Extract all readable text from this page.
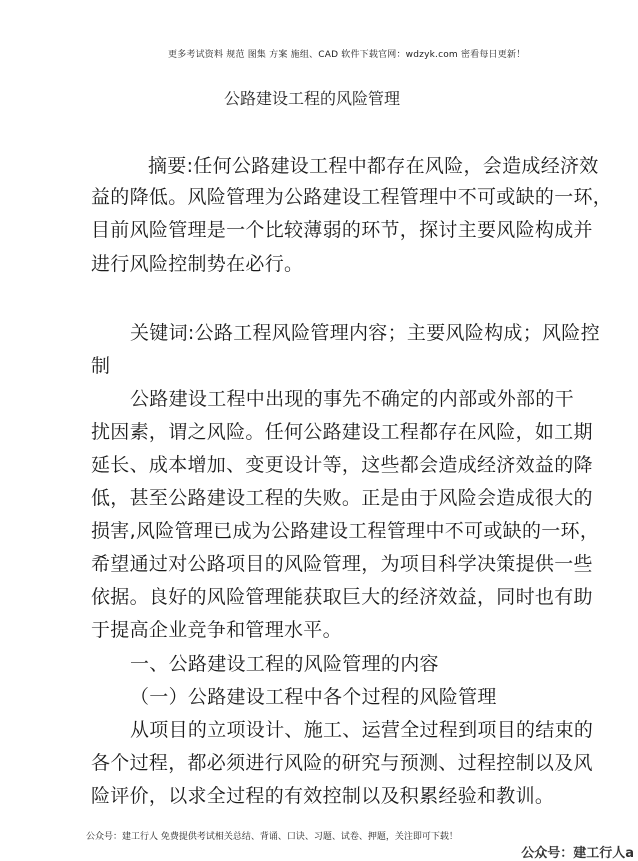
更多考试资料 规范 图集 方案 施组、CAD 软件下载官网：wdzyk.com 密看每日更新！
公路建设工程的风险管理
摘要:任何公路建设工程中都存在风险，会造成经济效
益的降低。风险管理为公路建设工程管理中不可或缺的一环，
目前风险管理是一个比较薄弱的环节，探讨主要风险构成并
进行风险控制势在必行。
关键词:公路工程风险管理内容；主要风险构成；风险控
制
公路建设工程中出现的事先不确定的内部或外部的干
扰因素，谓之风险。任何公路建设工程都存在风险，如工期
延长、成本增加、变更设计等，这些都会造成经济效益的降
低，甚至公路建设工程的失败。正是由于风险会造成很大的
损害,风险管理已成为公路建设工程管理中不可或缺的一环，
希望通过对公路项目的风险管理，为项目科学决策提供一些
依据。良好的风险管理能获取巨大的经济效益，同时也有助
于提高企业竞争和管理水平。
一、公路建设工程的风险管理的内容
（一）公路建设工程中各个过程的风险管理
从项目的立项设计、施工、运营全过程到项目的结束的
各个过程，都必须进行风险的研究与预测、过程控制以及风
险评价，以求全过程的有效控制以及积累经验和教训。
公众号：建工行人 免费提供考试相关总结、背诵、口诀、习题、试卷、押题，关注即可下载！
公众号：建工行人a
